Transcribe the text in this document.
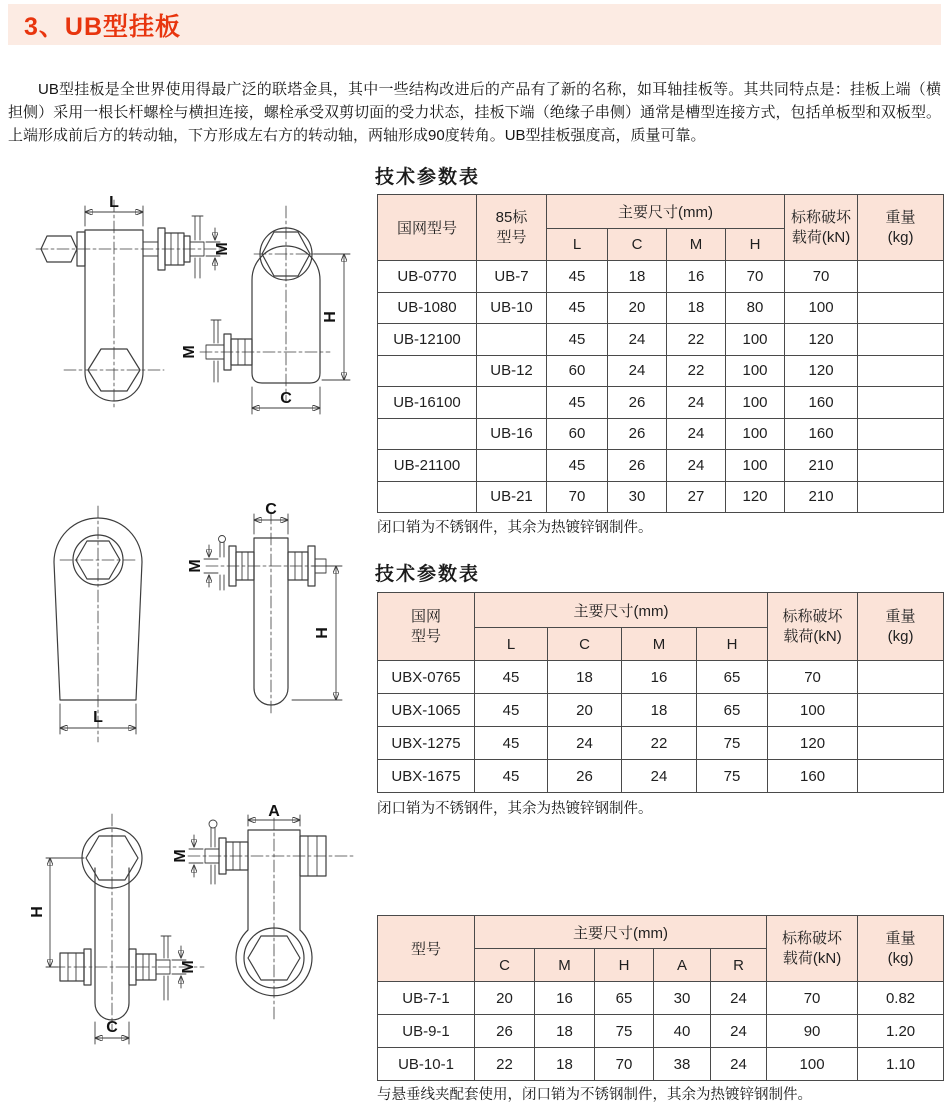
3、UB型挂板

UB型挂板是全世界使用得最广泛的联塔金具，其中一些结构改进后的产品有了新的名称，如耳轴挂板等。其共同特点是：挂板上端（横担侧）采用一根长杆螺栓与横担连接，螺栓承受双剪切面的受力状态，挂板下端（绝缘子串侧）通常是槽型连接方式，包括单板型和双板型。上端形成前后方的转动轴，下方形成左右方的转动轴，两轴形成90度转角。UB型挂板强度高，质量可靠。

L
M
C
H
M
L
M
C
H
M
H
C
M
A
技术参数表
国网型号	85标
型号	主要尺寸(mm)				标称破坏
载荷(kN)	重量
(kg)

		L	C	M	H		
UB-0770	UB-7	45	18	16	70	70	
UB-1080	UB-10	45	20	18	80	100	
UB-12100		45	24	22	100	120	
	UB-12	60	24	22	100	120	
UB-16100		45	26	24	100	160	
	UB-16	60	26	24	100	160	
UB-21100		45	26	24	100	210	
	UB-21	70	30	27	120	210	

闭口销为不锈钢件，其余为热镀锌钢制件。

技术参数表
国网
型号	主要尺寸(mm)				标称破坏
载荷(kN)	重量
(kg)

	L	C	M	H		
UBX-0765	45	18	16	65	70	
UBX-1065	45	20	18	65	100	
UBX-1275	45	24	22	75	120	
UBX-1675	45	26	24	75	160	

闭口销为不锈钢件，其余为热镀锌钢制件。

型号	主要尺寸(mm)					标称破坏
载荷(kN)	重量
(kg)

	C	M	H	A	R		
UB-7-1	20	16	65	30	24	70	0.82
UB-9-1	26	18	75	40	24	90	1.20
UB-10-1	22	18	70	38	24	100	1.10

与悬垂线夹配套使用，闭口销为不锈钢制件，其余为热镀锌钢制件。
